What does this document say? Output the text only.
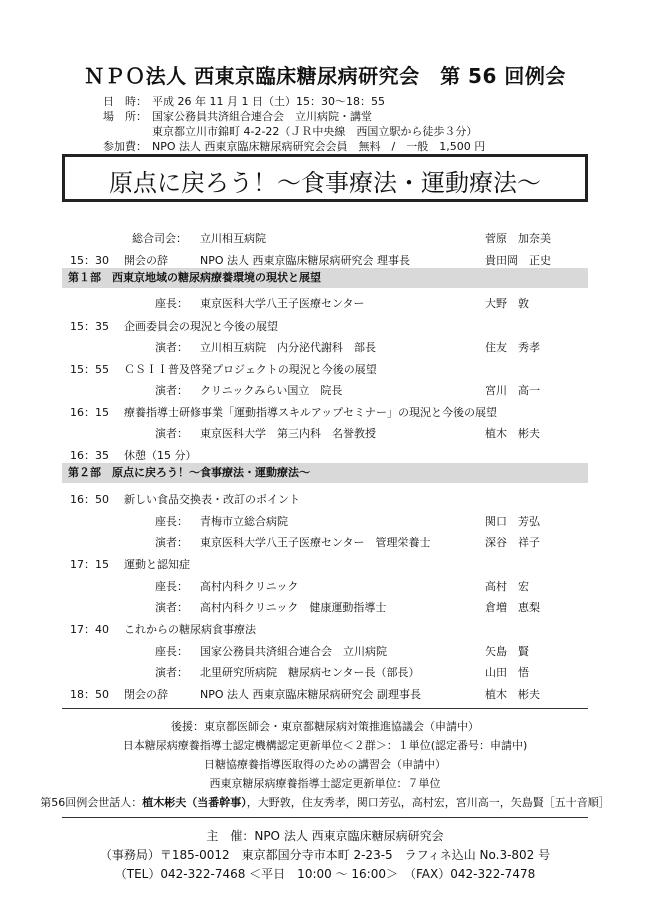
ＮＰＯ法人 西東京臨床糖尿病研究会　第 56 回例会
日　時： 平成 26 年 11 月 1 日（土）15：30〜18：55
場　所： 国家公務員共済組合連合会　立川病院・講堂
東京都立川市錦町 4-2-22（ＪＲ中央線　西国立駅から徒歩３分）
参加費： NPO 法人 西東京臨床糖尿病研究会会員　無料　/　一般　1,500 円
原点に戻ろう！〜食事療法・運動療法〜
総合司会： 立川相互病院	菅原　加奈美
15：30 開会の辞	NPO 法人 西東京臨床糖尿病研究会 理事長	貴田岡　正史
第１部　西東京地域の糖尿病療養環境の現状と展望
座長： 東京医科大学八王子医療センター	大野　敦
15：35 企画委員会の現況と今後の展望
演者： 立川相互病院　内分泌代謝科　部長	住友　秀孝
15：55 ＣＳＩＩ普及啓発プロジェクトの現況と今後の展望
演者： クリニックみらい国立　院長	宮川　高一
16：15 療養指導士研修事業「運動指導スキルアップセミナー」の現況と今後の展望
演者： 東京医科大学　第三内科　名誉教授	植木　彬夫
16：35 休憩（15 分）
第２部　原点に戻ろう！〜食事療法・運動療法〜
16：50 新しい食品交換表・改訂のポイント
座長： 青梅市立総合病院	関口　芳弘
演者： 東京医科大学八王子医療センター　管理栄養士	深谷　祥子
17：15 運動と認知症
座長： 高村内科クリニック	高村　宏
演者： 高村内科クリニック　健康運動指導士	倉増　恵梨
17：40 これからの糖尿病食事療法
座長： 国家公務員共済組合連合会　立川病院	矢島　賢
演者： 北里研究所病院　糖尿病センター長（部長）	山田　悟
18：50 閉会の辞	NPO 法人 西東京臨床糖尿病研究会 副理事長	植木　彬夫
後援：東京都医師会・東京都糖尿病対策推進協議会（申請中）
日本糖尿病療養指導士認定機構認定更新単位＜２群＞：１単位(認定番号：申請中)
日糖協療養指導医取得のための講習会（申請中）
西東京糖尿病療養指導士認定更新単位：７単位
第56回例会世話人：植木彬夫（当番幹事），大野敦，住友秀孝，関口芳弘，高村宏，宮川高一，矢島賢［五十音順］
主　催：NPO 法人 西東京臨床糖尿病研究会
（事務局）〒185-0012　東京都国分寺市本町 2-23-5　ラフィネ込山 No.3-802 号
（TEL）042-322-7468 ＜平日　10:00 〜 16:00＞　（FAX）042-322-7478
